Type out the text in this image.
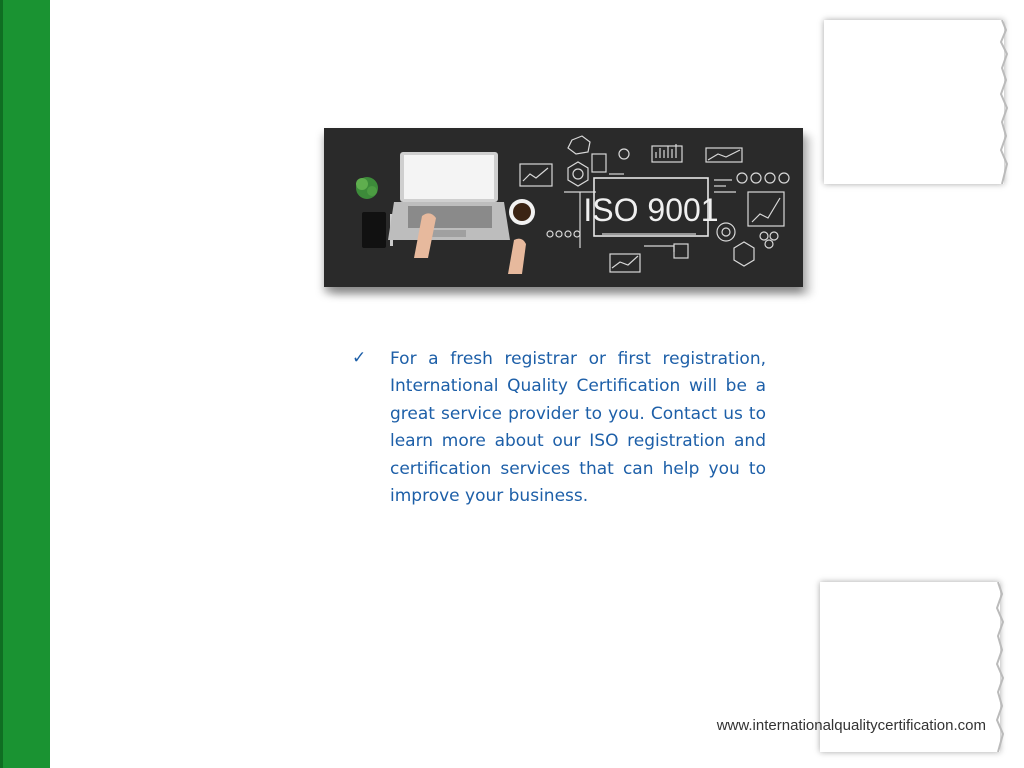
ISO 9001
✓ For a fresh registrar or first registration, International Quality Certification will be a great service provider to you. Contact us to learn more about our ISO registration and certification services that can help you to improve your business.

www.internationalqualitycertification.com
